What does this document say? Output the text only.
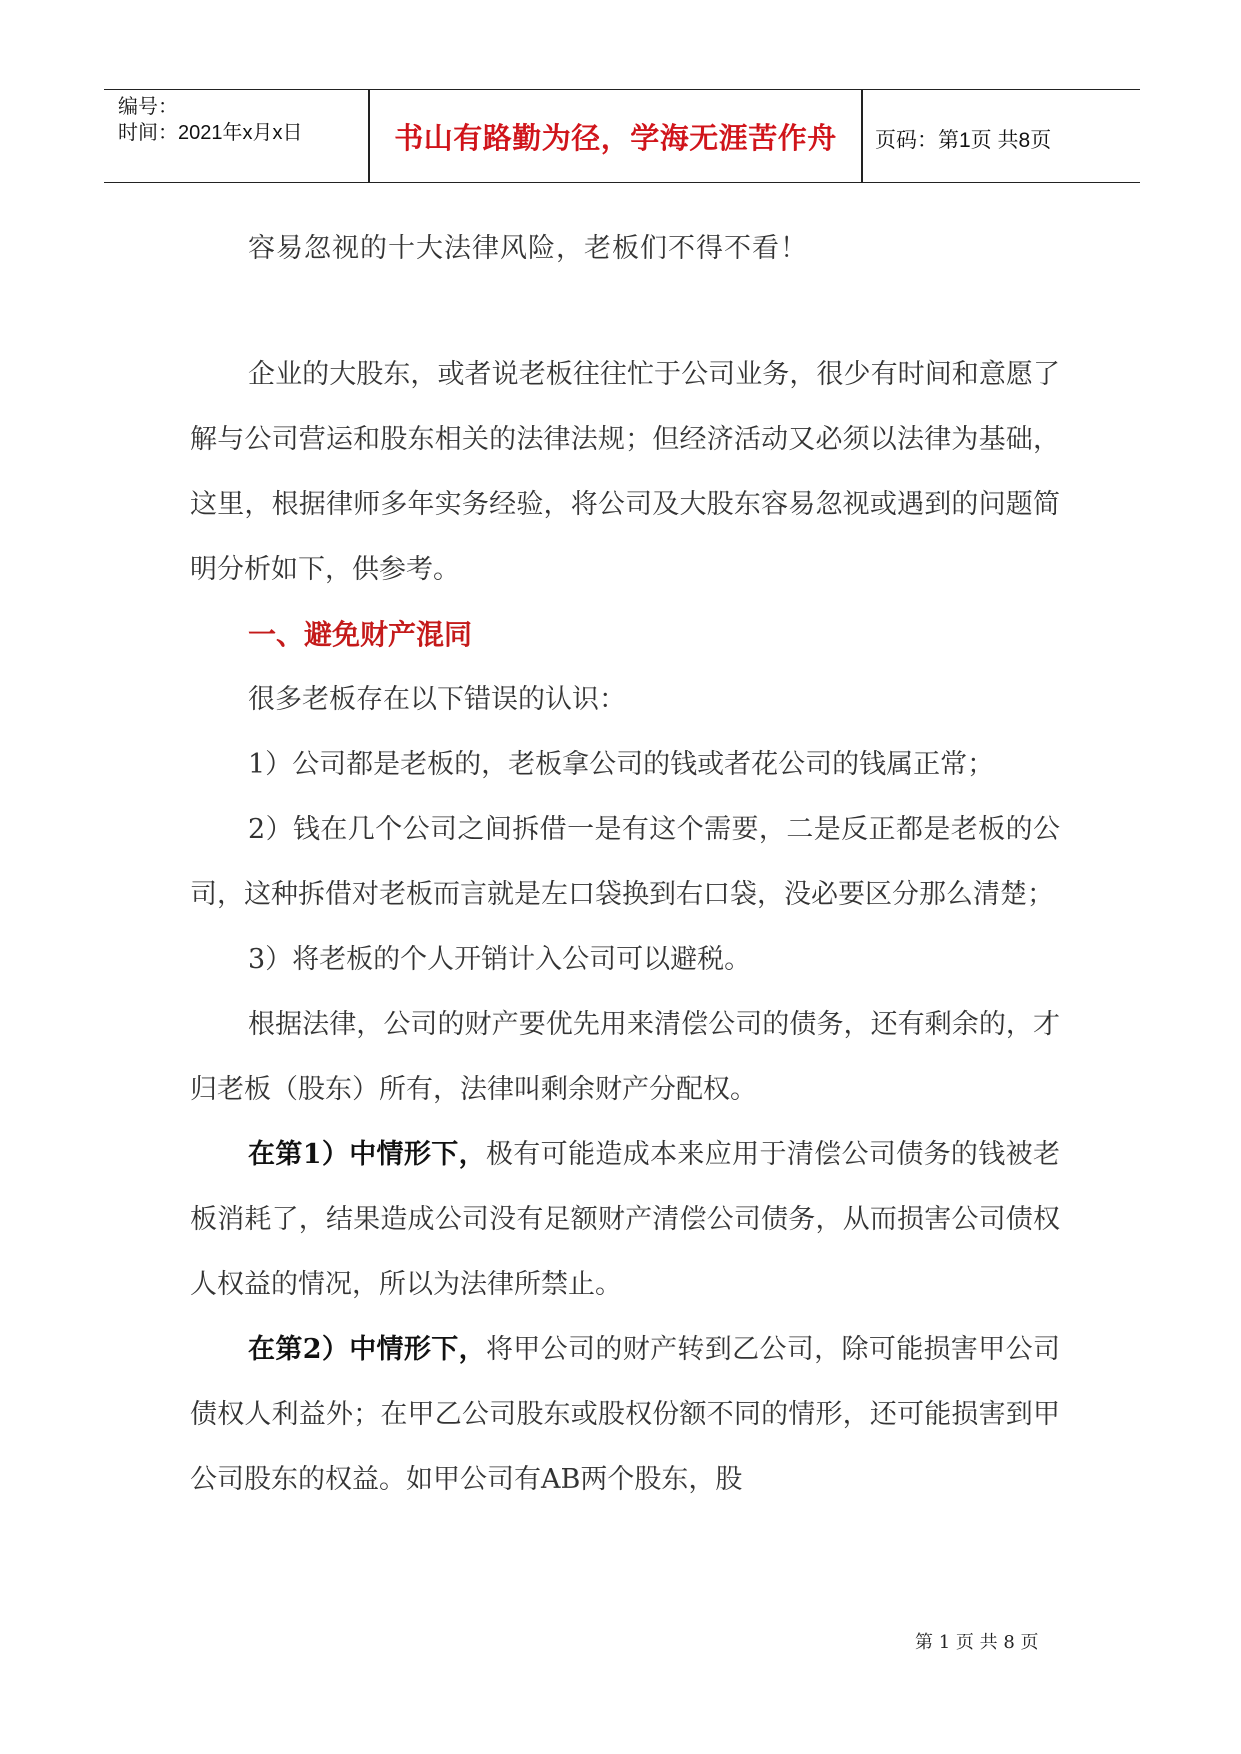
编号：
时间：2021年x月x日	书山有路勤为径，学海无涯苦作舟	页码：第1页 共8页
容易忽视的十大法律风险，老板们不得不看！

企业的大股东，或者说老板往往忙于公司业务，很少有时间和意愿了解与公司营运和股东相关的法律法规；但经济活动又必须以法律为基础，这里，根据律师多年实务经验，将公司及大股东容易忽视或遇到的问题简明分析如下，供参考。

一、避免财产混同

很多老板存在以下错误的认识：

1）公司都是老板的，老板拿公司的钱或者花公司的钱属正常；

2）钱在几个公司之间拆借一是有这个需要，二是反正都是老板的公司，这种拆借对老板而言就是左口袋换到右口袋，没必要区分那么清楚；

3）将老板的个人开销计入公司可以避税。

根据法律，公司的财产要优先用来清偿公司的债务，还有剩余的，才归老板（股东）所有，法律叫剩余财产分配权。

在第1）中情形下，极有可能造成本来应用于清偿公司债务的钱被老板消耗了，结果造成公司没有足额财产清偿公司债务，从而损害公司债权人权益的情况，所以为法律所禁止。

在第2）中情形下，将甲公司的财产转到乙公司，除可能损害甲公司债权人利益外；在甲乙公司股东或股权份额不同的情形，还可能损害到甲公司股东的权益。如甲公司有AB两个股东，股

第 1 页 共 8 页
